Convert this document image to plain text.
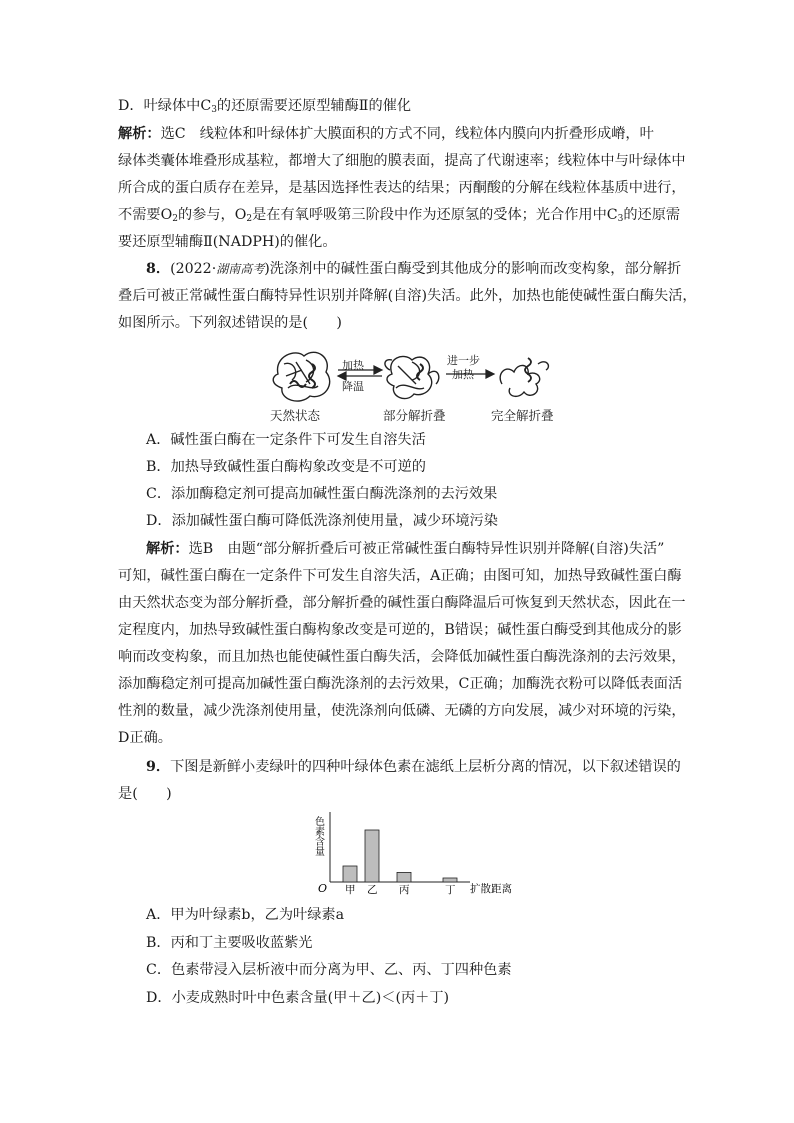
D．叶绿体中$C_3$的还原需要还原型辅酶Ⅱ的催化
解析：选C　线粒体和叶绿体扩大膜面积的方式不同，线粒体内膜向内折叠形成嵴，叶
绿体类囊体堆叠形成基粒，都增大了细胞的膜表面，提高了代谢速率；线粒体中与叶绿体中
所合成的蛋白质存在差异，是基因选择性表达的结果；丙酮酸的分解在线粒体基质中进行，
不需要$O_2$的参与，$O_2$是在有氧呼吸第三阶段中作为还原氢的受体；光合作用中$C_3$的还原需
要还原型辅酶Ⅱ(NADPH)的催化。
8．(2022·湖南高考)洗涤剂中的碱性蛋白酶受到其他成分的影响而改变构象，部分解折
叠后可被正常碱性蛋白酶特异性识别并降解(自溶)失活。此外，加热也能使碱性蛋白酶失活，
如图所示。下列叙述错误的是(　　)
加热
降温
进一步
加热
天然状态	部分解折叠	完全解折叠
A．碱性蛋白酶在一定条件下可发生自溶失活
B．加热导致碱性蛋白酶构象改变是不可逆的
C．添加酶稳定剂可提高加碱性蛋白酶洗涤剂的去污效果
D．添加碱性蛋白酶可降低洗涤剂使用量，减少环境污染
解析：选B　由题“部分解折叠后可被正常碱性蛋白酶特异性识别并降解(自溶)失活”
可知，碱性蛋白酶在一定条件下可发生自溶失活，A正确；由图可知，加热导致碱性蛋白酶
由天然状态变为部分解折叠，部分解折叠的碱性蛋白酶降温后可恢复到天然状态，因此在一
定程度内，加热导致碱性蛋白酶构象改变是可逆的，B错误；碱性蛋白酶受到其他成分的影
响而改变构象，而且加热也能使碱性蛋白酶失活，会降低加碱性蛋白酶洗涤剂的去污效果，
添加酶稳定剂可提高加碱性蛋白酶洗涤剂的去污效果，C正确；加酶洗衣粉可以降低表面活
性剂的数量，减少洗涤剂使用量，使洗涤剂向低磷、无磷的方向发展，减少对环境的污染，
D正确。
9．下图是新鲜小麦绿叶的四种叶绿体色素在滤纸上层析分离的情况，以下叙述错误的
是(　　)
O
色素含量
扩散距离
甲 乙 丙	丁
A．甲为叶绿素b，乙为叶绿素a
B．丙和丁主要吸收蓝紫光
C．色素带浸入层析液中而分离为甲、乙、丙、丁四种色素
D．小麦成熟时叶中色素含量(甲＋乙)＜(丙＋丁)
